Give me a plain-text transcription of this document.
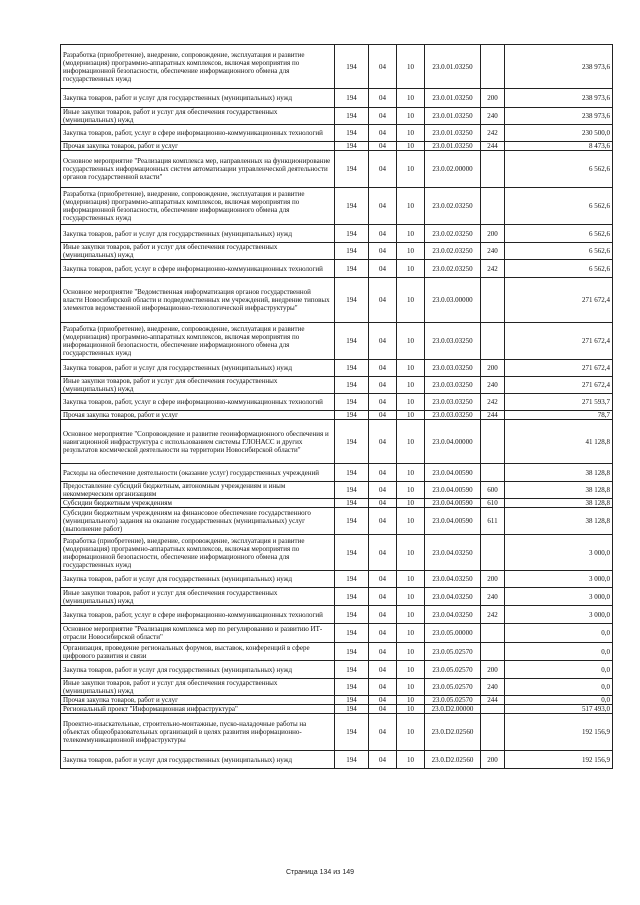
Разработка (приобретение), внедрение, сопровождение, эксплуатация и развитие (модернизация) программно-аппаратных комплексов, включая мероприятия по информационной безопасности, обеспечение информационного обмена для государственных нужд	194	04	10	23.0.01.03250		238 973,6
Закупка товаров, работ и услуг для государственных (муниципальных) нужд	194	04	10	23.0.01.03250	200	238 973,6
Иные закупки товаров, работ и услуг для обеспечения государственных (муниципальных) нужд	194	04	10	23.0.01.03250	240	238 973,6
Закупка товаров, работ, услуг в сфере информационно-коммуникационных технологий	194	04	10	23.0.01.03250	242	230 500,0
Прочая закупка товаров, работ и услуг	194	04	10	23.0.01.03250	244	8 473,6
Основное мероприятие "Реализация комплекса мер, направленных на функционирование государственных информационных систем автоматизации управленческой деятельности органов государственной власти"	194	04	10	23.0.02.00000		6 562,6
Разработка (приобретение), внедрение, сопровождение, эксплуатация и развитие (модернизация) программно-аппаратных комплексов, включая мероприятия по информационной безопасности, обеспечение информационного обмена для государственных нужд	194	04	10	23.0.02.03250		6 562,6
Закупка товаров, работ и услуг для государственных (муниципальных) нужд	194	04	10	23.0.02.03250	200	6 562,6
Иные закупки товаров, работ и услуг для обеспечения государственных (муниципальных) нужд	194	04	10	23.0.02.03250	240	6 562,6
Закупка товаров, работ, услуг в сфере информационно-коммуникационных технологий	194	04	10	23.0.02.03250	242	6 562,6
Основное мероприятие "Ведомственная информатизация органов государственной власти Новосибирской области и подведомственных им учреждений, внедрение типовых элементов ведомственной информационно-технологической инфраструктуры"	194	04	10	23.0.03.00000		271 672,4
Разработка (приобретение), внедрение, сопровождение, эксплуатация и развитие (модернизация) программно-аппаратных комплексов, включая мероприятия по информационной безопасности, обеспечение информационного обмена для государственных нужд	194	04	10	23.0.03.03250		271 672,4
Закупка товаров, работ и услуг для государственных (муниципальных) нужд	194	04	10	23.0.03.03250	200	271 672,4
Иные закупки товаров, работ и услуг для обеспечения государственных (муниципальных) нужд	194	04	10	23.0.03.03250	240	271 672,4
Закупка товаров, работ, услуг в сфере информационно-коммуникационных технологий	194	04	10	23.0.03.03250	242	271 593,7
Прочая закупка товаров, работ и услуг	194	04	10	23.0.03.03250	244	78,7
Основное мероприятие "Сопровождение и развитие геоинформационного обеспечения и навигационной инфраструктура с использованием системы ГЛОНАСС и других результатов космической деятельности на территории Новосибирской области"	194	04	10	23.0.04.00000		41 128,8
Расходы на обеспечение деятельности (оказание услуг) государственных учреждений	194	04	10	23.0.04.00590		38 128,8
Предоставление субсидий бюджетным, автономным учреждениям и иным некоммерческим организациям	194	04	10	23.0.04.00590	600	38 128,8
Субсидии бюджетным учреждениям	194	04	10	23.0.04.00590	610	38 128,8
Субсидии бюджетным учреждениям на финансовое обеспечение государственного (муниципального) задания на оказание государственных (муниципальных) услуг (выполнение работ)	194	04	10	23.0.04.00590	611	38 128,8
Разработка (приобретение), внедрение, сопровождение, эксплуатация и развитие (модернизация) программно-аппаратных комплексов, включая мероприятия по информационной безопасности, обеспечение информационного обмена для государственных нужд	194	04	10	23.0.04.03250		3 000,0
Закупка товаров, работ и услуг для государственных (муниципальных) нужд	194	04	10	23.0.04.03250	200	3 000,0
Иные закупки товаров, работ и услуг для обеспечения государственных (муниципальных) нужд	194	04	10	23.0.04.03250	240	3 000,0
Закупка товаров, работ, услуг в сфере информационно-коммуникационных технологий	194	04	10	23.0.04.03250	242	3 000,0
Основное мероприятие "Реализация комплекса мер по регулированию и развитию ИТ-отрасли Новосибирской области"	194	04	10	23.0.05.00000		0,0
Организация, проведение региональных форумов, выставок, конференций в сфере цифрового развития и связи	194	04	10	23.0.05.02570		0,0
Закупка товаров, работ и услуг для государственных (муниципальных) нужд	194	04	10	23.0.05.02570	200	0,0
Иные закупки товаров, работ и услуг для обеспечения государственных (муниципальных) нужд	194	04	10	23.0.05.02570	240	0,0
Прочая закупка товаров, работ и услуг	194	04	10	23.0.05.02570	244	0,0
Региональный проект "Информационная инфраструктура"	194	04	10	23.0.D2.00000		517 493,0
Проектно-изыскательные, строительно-монтажные, пуско-наладочные работы на объектах общеобразовательных организаций в целях развития информационно-телекоммуникационной инфраструктуры	194	04	10	23.0.D2.02560		192 156,9
Закупка товаров, работ и услуг для государственных (муниципальных) нужд	194	04	10	23.0.D2.02560	200	192 156,9
Страница 134 из 149
